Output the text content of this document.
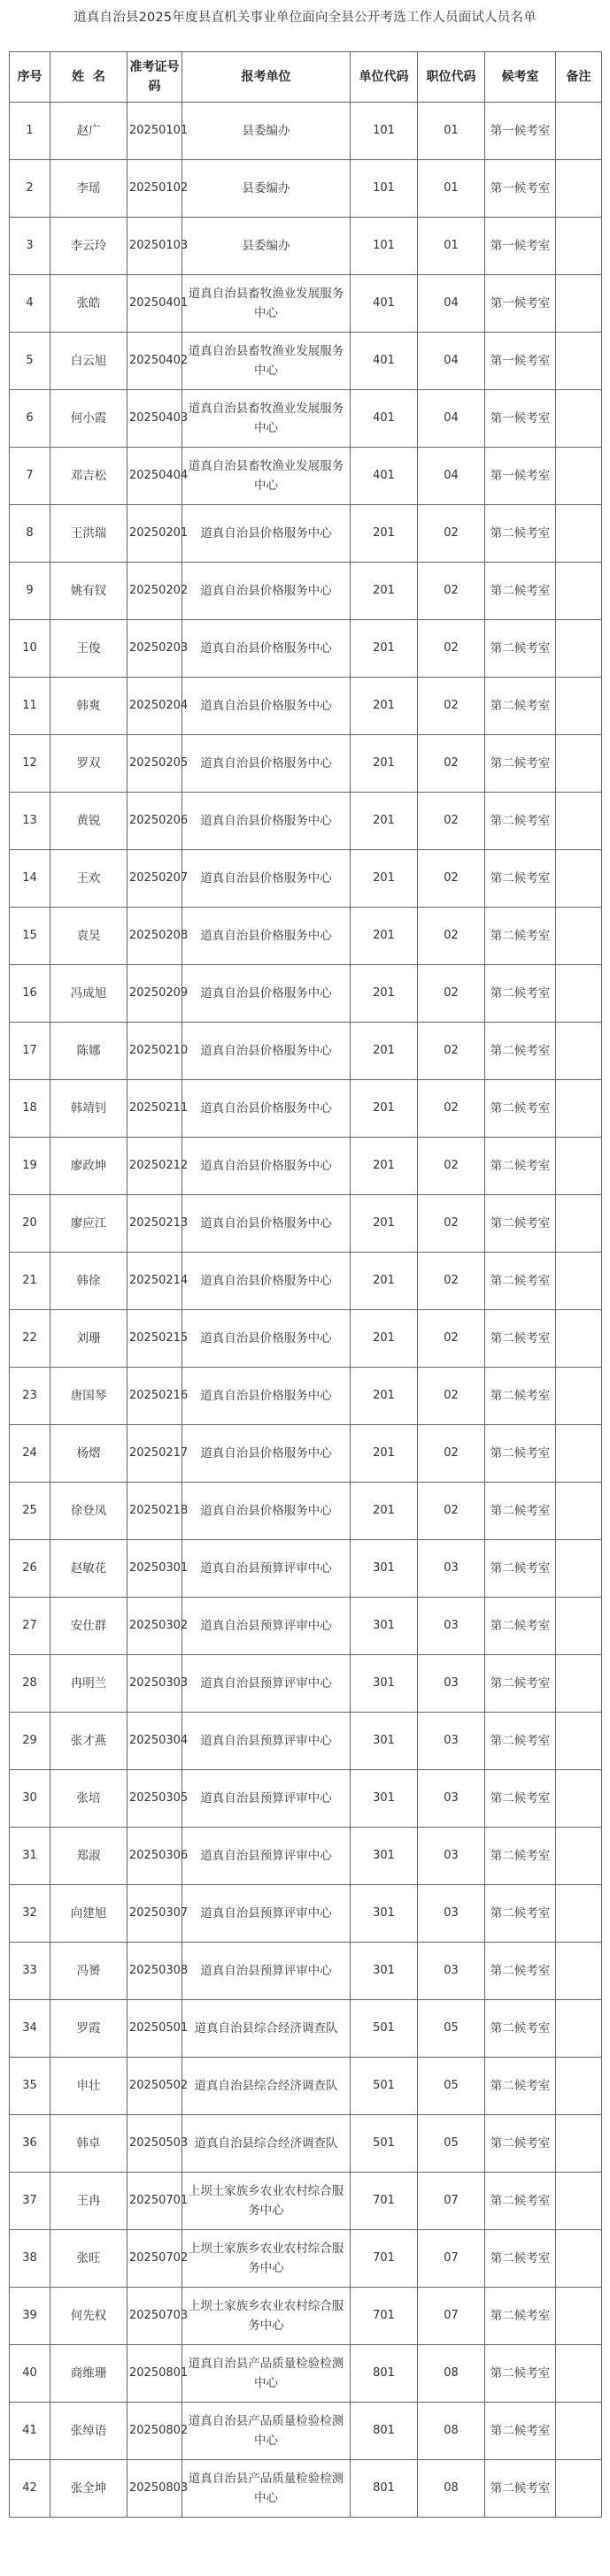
道真自治县2025年度县直机关事业单位面向全县公开考选工作人员面试人员名单
序号	姓  名	准考证号码	报考单位	单位代码	职位代码	候考室	备注
1	赵广	20250101	县委编办	101	01	第一候考室	
2	李瑶	20250102	县委编办	101	01	第一候考室	
3	李云玲	20250103	县委编办	101	01	第一候考室	
4	张皓	20250401	道真自治县畜牧渔业发展服务中心	401	04	第一候考室	
5	白云旭	20250402	道真自治县畜牧渔业发展服务中心	401	04	第一候考室	
6	何小霞	20250403	道真自治县畜牧渔业发展服务中心	401	04	第一候考室	
7	邓吉松	20250404	道真自治县畜牧渔业发展服务中心	401	04	第一候考室	
8	王洪瑞	20250201	道真自治县价格服务中心	201	02	第二候考室	
9	姚有钗	20250202	道真自治县价格服务中心	201	02	第二候考室	
10	王俊	20250203	道真自治县价格服务中心	201	02	第二候考室	
11	韩爽	20250204	道真自治县价格服务中心	201	02	第二候考室	
12	罗双	20250205	道真自治县价格服务中心	201	02	第二候考室	
13	黄锐	20250206	道真自治县价格服务中心	201	02	第二候考室	
14	王欢	20250207	道真自治县价格服务中心	201	02	第二候考室	
15	袁昊	20250208	道真自治县价格服务中心	201	02	第二候考室	
16	冯成旭	20250209	道真自治县价格服务中心	201	02	第二候考室	
17	陈娜	20250210	道真自治县价格服务中心	201	02	第二候考室	
18	韩靖钊	20250211	道真自治县价格服务中心	201	02	第二候考室	
19	廖政坤	20250212	道真自治县价格服务中心	201	02	第二候考室	
20	廖应江	20250213	道真自治县价格服务中心	201	02	第二候考室	
21	韩徐	20250214	道真自治县价格服务中心	201	02	第二候考室	
22	刘珊	20250215	道真自治县价格服务中心	201	02	第二候考室	
23	唐国琴	20250216	道真自治县价格服务中心	201	02	第二候考室	
24	杨熠	20250217	道真自治县价格服务中心	201	02	第二候考室	
25	徐登凤	20250218	道真自治县价格服务中心	201	02	第二候考室	
26	赵敏花	20250301	道真自治县预算评审中心	301	03	第二候考室	
27	安仕群	20250302	道真自治县预算评审中心	301	03	第二候考室	
28	冉明兰	20250303	道真自治县预算评审中心	301	03	第二候考室	
29	张才燕	20250304	道真自治县预算评审中心	301	03	第二候考室	
30	张培	20250305	道真自治县预算评审中心	301	03	第二候考室	
31	郑淑	20250306	道真自治县预算评审中心	301	03	第二候考室	
32	向建旭	20250307	道真自治县预算评审中心	301	03	第二候考室	
33	冯赟	20250308	道真自治县预算评审中心	301	03	第二候考室	
34	罗霞	20250501	道真自治县综合经济调查队	501	05	第二候考室	
35	申壮	20250502	道真自治县综合经济调查队	501	05	第二候考室	
36	韩卓	20250503	道真自治县综合经济调查队	501	05	第二候考室	
37	王冉	20250701	上坝土家族乡农业农村综合服务中心	701	07	第二候考室	
38	张旺	20250702	上坝土家族乡农业农村综合服务中心	701	07	第二候考室	
39	何先权	20250703	上坝土家族乡农业农村综合服务中心	701	07	第二候考室	
40	商维珊	20250801	道真自治县产品质量检验检测中心	801	08	第二候考室	
41	张绰语	20250802	道真自治县产品质量检验检测中心	801	08	第二候考室	
42	张全坤	20250803	道真自治县产品质量检验检测中心	801	08	第二候考室	
